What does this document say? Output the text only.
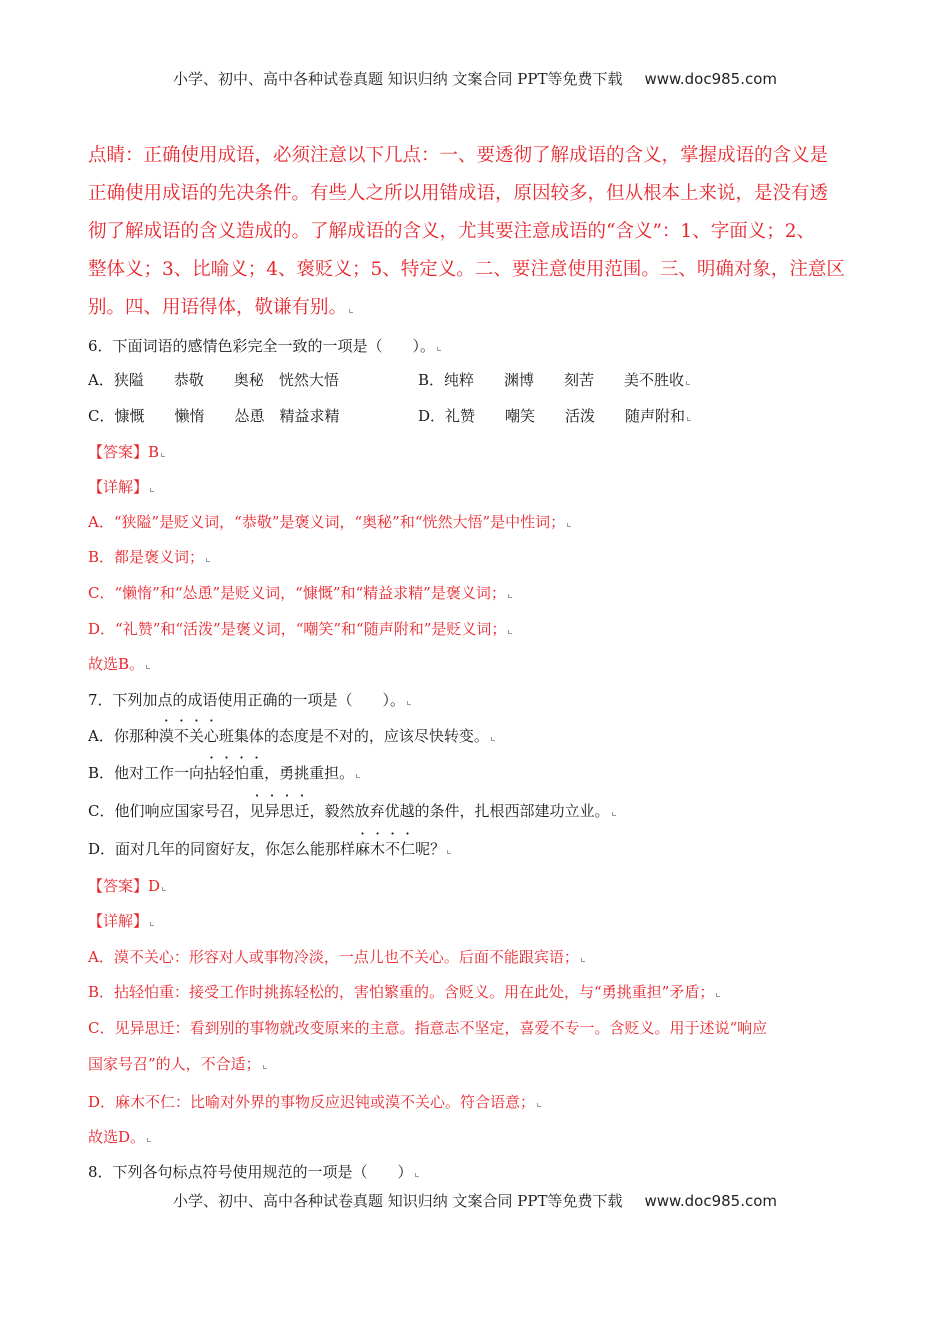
小学、初中、高中各种试卷真题 知识归纳 文案合同 PPT等免费下载 www.doc985.com
点睛：正确使用成语，必须注意以下几点：一、要透彻了解成语的含义，掌握成语的含义是
正确使用成语的先决条件。有些人之所以用错成语，原因较多，但从根本上来说，是没有透
彻了解成语的含义造成的。了解成语的含义，尤其要注意成语的“含义”：1、字面义；2、
整体义；3、比喻义；4、褒贬义；5、特定义。二、要注意使用范围。三、明确对象，注意区
别。四、用语得体，敬谦有别。
6．下面词语的感情色彩完全一致的一项是（　　）。
A．狭隘　　恭敬　　奥秘　恍然大悟	B．纯粹　　渊博　　刻苦　　美不胜收
C．慷慨　　懒惰　　怂恿　精益求精	D．礼赞　　嘲笑　　活泼　　随声附和
【答案】B
【详解】
A．“狭隘”是贬义词，“恭敬”是褒义词，“奥秘”和“恍然大悟”是中性词；
B．都是褒义词；
C．“懒惰”和“怂恿”是贬义词，“慷慨”和“精益求精”是褒义词；
D．“礼赞”和“活泼”是褒义词，“嘲笑”和“随声附和”是贬义词；
故选B。
7．下列加点的成语使用正确的一项是（　　）。
A．你那种漠不关心班集体的态度是不对的，应该尽快转变。
B．他对工作一向拈轻怕重，勇挑重担。
C．他们响应国家号召，见异思迁，毅然放弃优越的条件，扎根西部建功立业。
D．面对几年的同窗好友，你怎么能那样麻木不仁呢？
【答案】D
【详解】
A．漠不关心：形容对人或事物冷淡，一点儿也不关心。后面不能跟宾语；
B．拈轻怕重：接受工作时挑拣轻松的，害怕繁重的。含贬义。用在此处，与“勇挑重担”矛盾；
C．见异思迁：看到别的事物就改变原来的主意。指意志不坚定，喜爱不专一。含贬义。用于述说“响应
国家号召”的人，不合适；
D．麻木不仁：比喻对外界的事物反应迟钝或漠不关心。符合语意；
故选D。
8．下列各句标点符号使用规范的一项是（　　）
小学、初中、高中各种试卷真题 知识归纳 文案合同 PPT等免费下载 www.doc985.com
